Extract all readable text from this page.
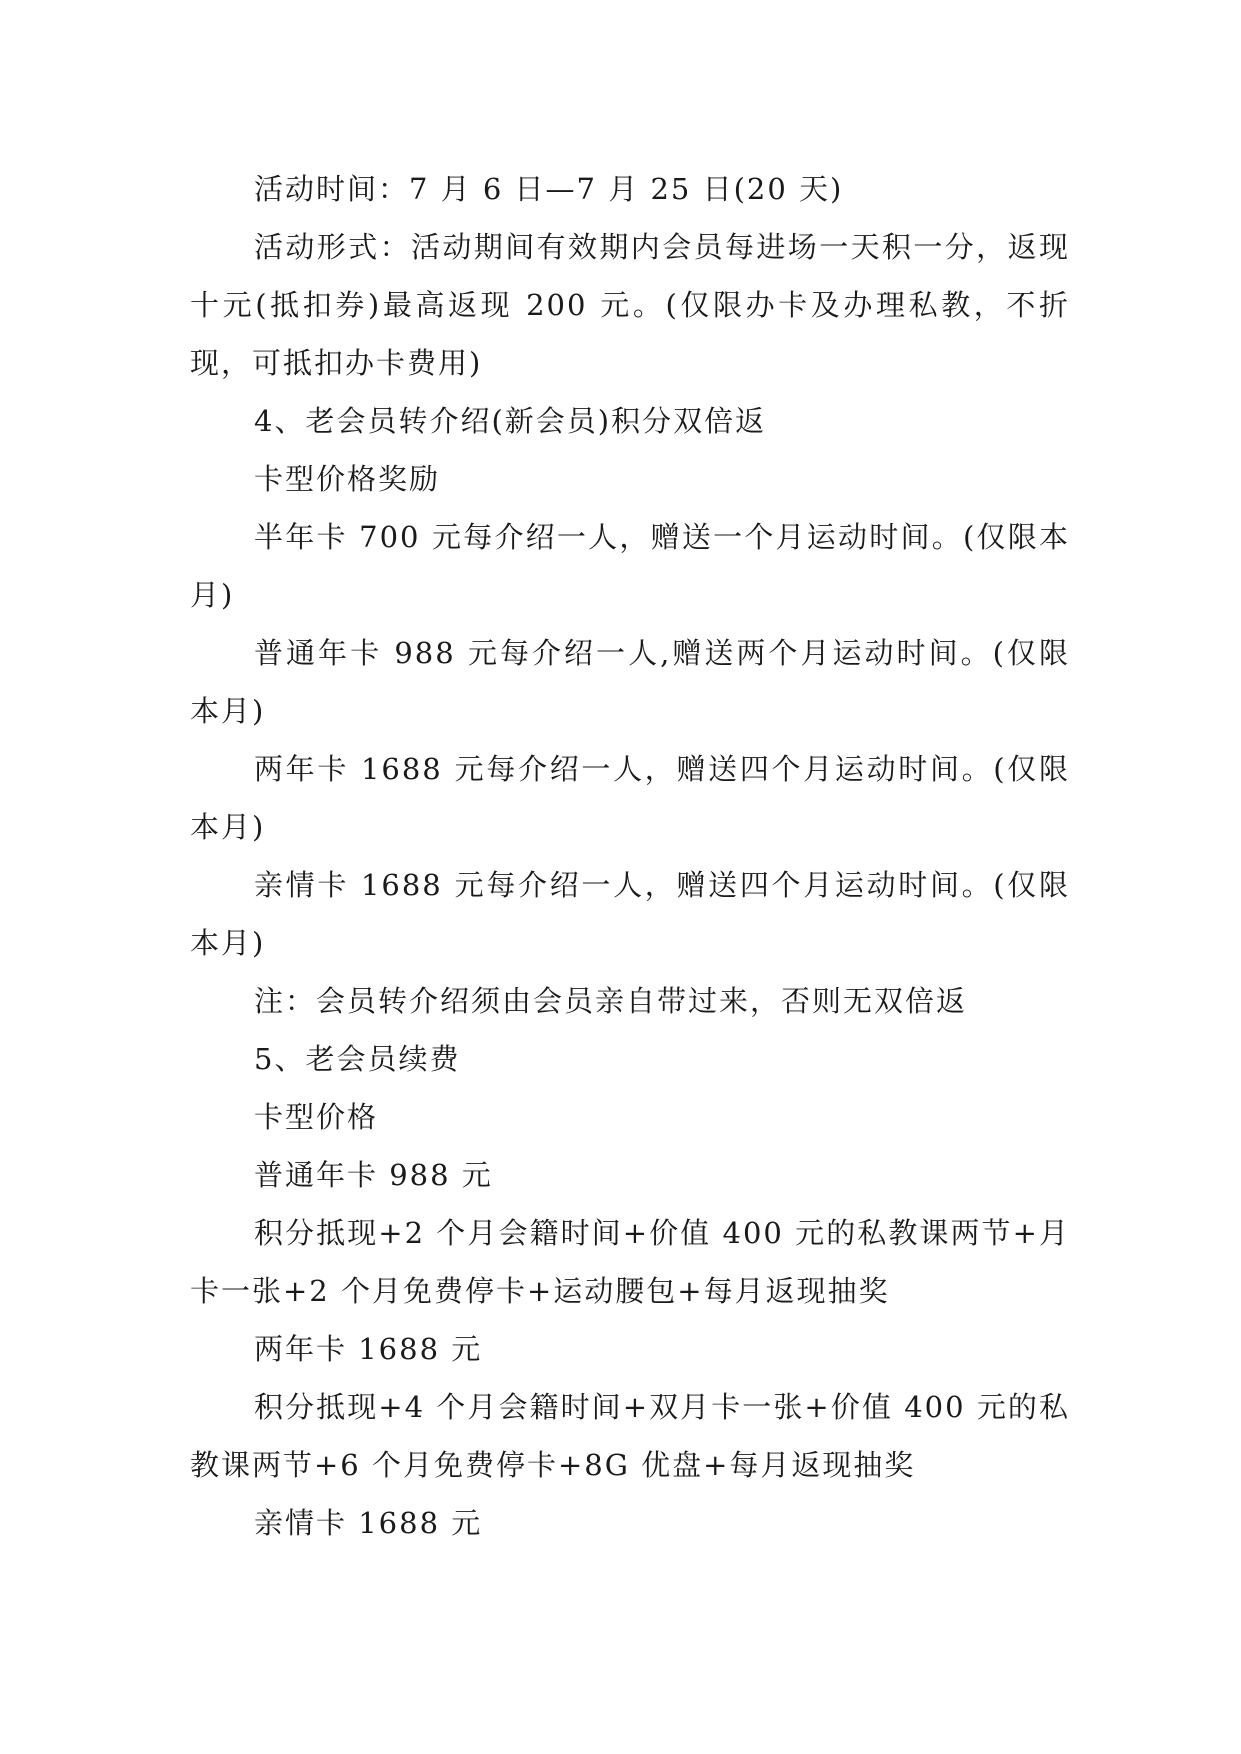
活动时间：7 月 6 日—7 月 25 日(20 天)

活动形式：活动期间有效期内会员每进场一天积一分，返现十元(抵扣券)最高返现 200 元。(仅限办卡及办理私教，不折现，可抵扣办卡费用)

4、老会员转介绍(新会员)积分双倍返

卡型价格奖励

半年卡 700 元每介绍一人，赠送一个月运动时间。(仅限本月)

普通年卡 988 元每介绍一人,赠送两个月运动时间。(仅限本月)

两年卡 1688 元每介绍一人，赠送四个月运动时间。(仅限本月)

亲情卡 1688 元每介绍一人，赠送四个月运动时间。(仅限本月)

注：会员转介绍须由会员亲自带过来，否则无双倍返

5、老会员续费

卡型价格

普通年卡 988 元

积分抵现+2 个月会籍时间+价值 400 元的私教课两节+月卡一张+2 个月免费停卡+运动腰包+每月返现抽奖

两年卡 1688 元

积分抵现+4 个月会籍时间+双月卡一张+价值 400 元的私教课两节+6 个月免费停卡+8G 优盘+每月返现抽奖

亲情卡 1688 元
